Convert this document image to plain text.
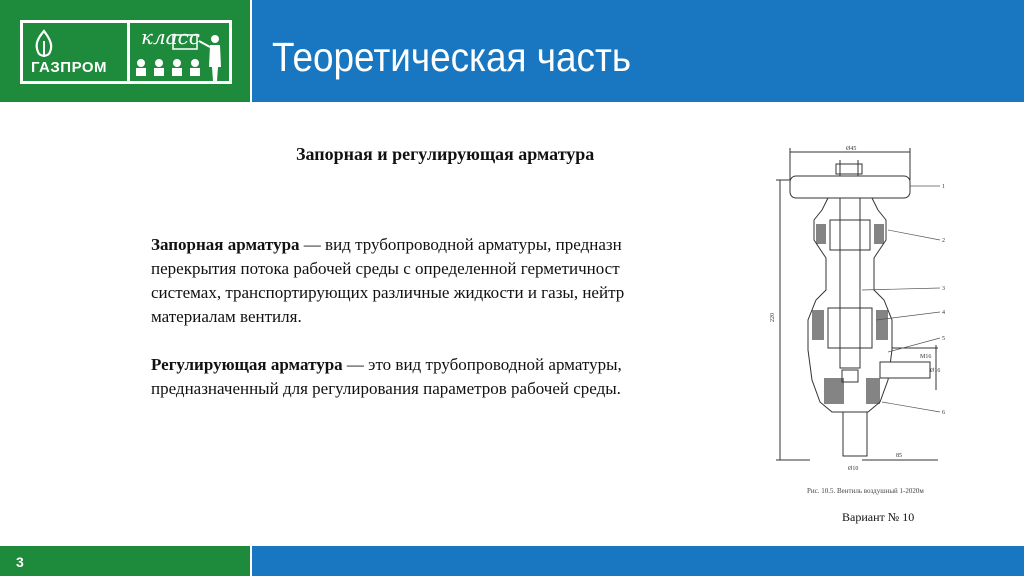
ГАЗПРОМ
класс Теоретическая часть
Запорная и регулирующая арматура

Запорная арматура — вид трубопроводной арматуры, предназн

перекрытия потока рабочей среды с определенной герметичност

системах, транспортирующих различные жидкости и газы, нейтр

материалам вентиля.

Регулирующая арматура — это вид трубопроводной арматуры,

предназначенный для регулирования параметров рабочей среды.

Ø45
220
Ø16
85
М16
Ø10
1
2
3
4
5
6
Рис. 10.5. Вентиль воздушный 1-2020м
Вариант № 10
3
